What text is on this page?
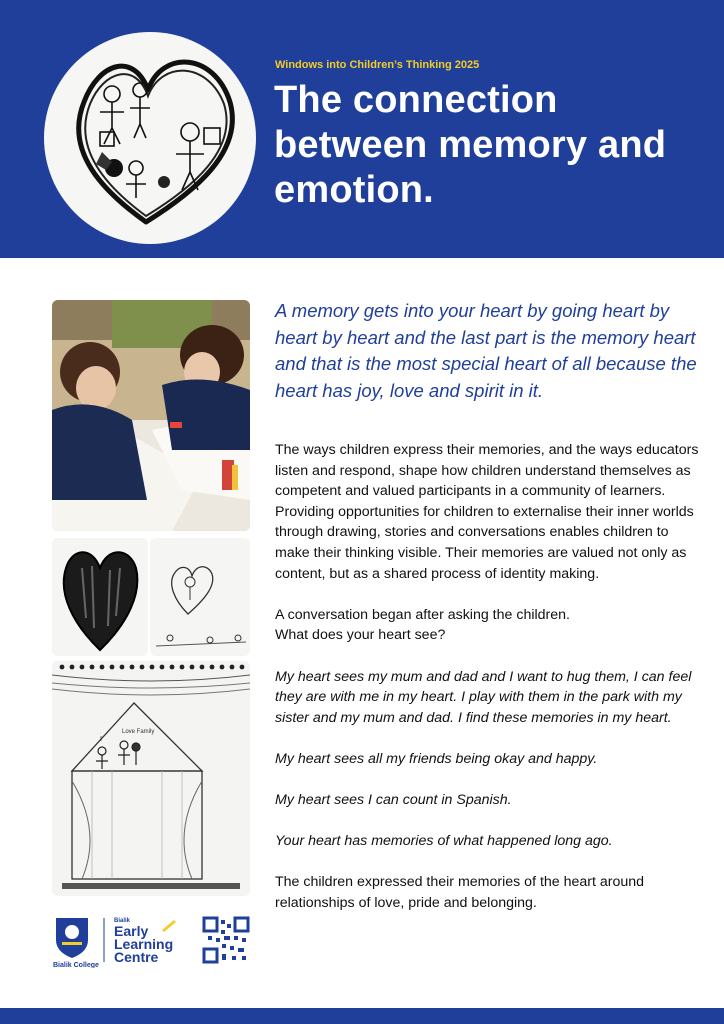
Windows into Children’s Thinking 2025
The connection between memory and emotion.
I
Love Family

A memory gets into your heart by going heart by heart by heart and the last part is the memory heart and that is the most special heart of all because the heart has joy, love and spirit in it.

The ways children express their memories, and the ways educators listen and respond, shape how children understand themselves as competent and valued participants in a community of learners. Providing opportunities for children to externalise their inner worlds through drawing, stories and conversations enables children to make their thinking visible. Their memories are valued not only as content, but as a shared process of identity making.

A conversation began after asking the children.
What does your heart see?

My heart sees my mum and dad and I want to hug them, I can feel they are with me in my heart. I play with them in the park with my sister and my mum and dad. I find these memories in my heart.

My heart sees all my friends being okay and happy.

My heart sees I can count in Spanish.

Your heart has memories of what happened long ago.

The children expressed their memories of the heart around relationships of love, pride and belonging.

Bialik College
Bialik
Early
Learning
Centre
